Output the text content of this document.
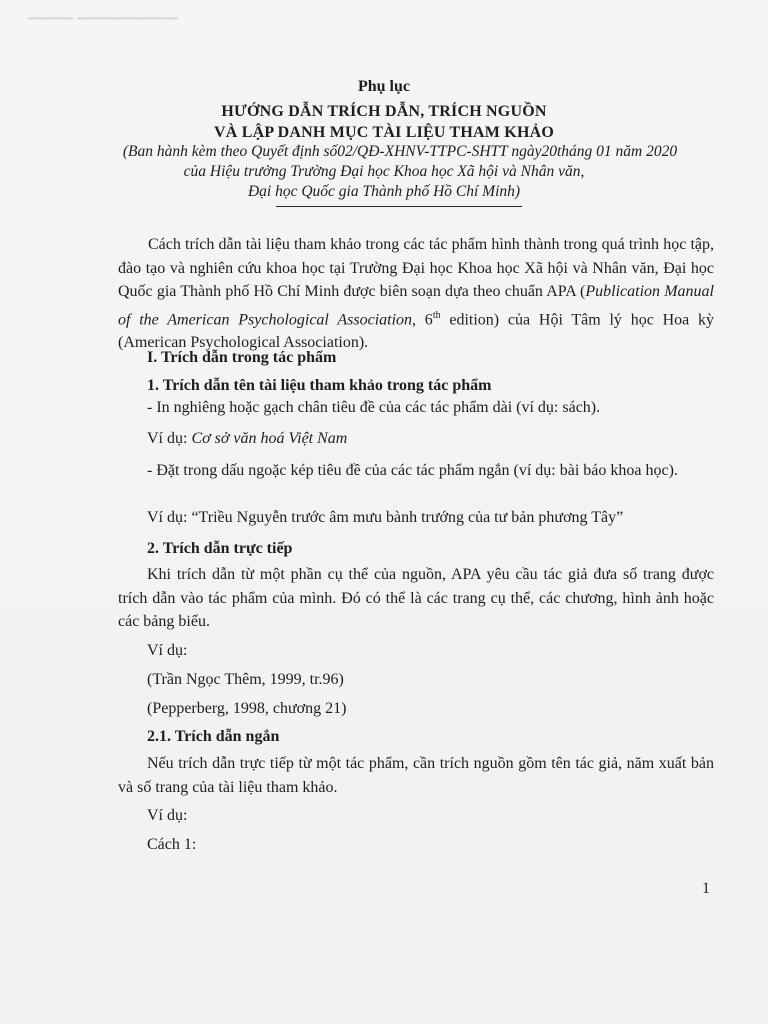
▁▁▁▁ ▁▁▁▁▁▁▁▁▁
Phụ lục
HƯỚNG DẪN TRÍCH DẪN, TRÍCH NGUỒN
VÀ LẬP DANH MỤC TÀI LIỆU THAM KHẢO
(Ban hành kèm theo Quyết định số02/QĐ-XHNV-TTPC-SHTT ngày20tháng 01 năm 2020
của Hiệu trưởng Trường Đại học Khoa học Xã hội và Nhân văn,
Đại học Quốc gia Thành phố Hồ Chí Minh)
Cách trích dẫn tài liệu tham khảo trong các tác phẩm hình thành trong quá trình học tập, đào tạo và nghiên cứu khoa học tại Trường Đại học Khoa học Xã hội và Nhân văn, Đại học Quốc gia Thành phố Hồ Chí Minh được biên soạn dựa theo chuẩn APA (Publication Manual of the American Psychological Association, 6th edition) của Hội Tâm lý học Hoa kỳ (American Psychological Association).
I. Trích dẫn trong tác phẩm
1. Trích dẫn tên tài liệu tham khảo trong tác phẩm
- In nghiêng hoặc gạch chân tiêu đề của các tác phẩm dài (ví dụ: sách).
Ví dụ: Cơ sở văn hoá Việt Nam
- Đặt trong dấu ngoặc kép tiêu đề của các tác phẩm ngắn (ví dụ: bài báo khoa học).
Ví dụ: “Triều Nguyễn trước âm mưu bành trướng của tư bản phương Tây”
2. Trích dẫn trực tiếp
Khi trích dẫn từ một phần cụ thể của nguồn, APA yêu cầu tác giả đưa số trang được trích dẫn vào tác phẩm của mình. Đó có thể là các trang cụ thể, các chương, hình ảnh hoặc các bảng biểu.
Ví dụ:
(Trần Ngọc Thêm, 1999, tr.96)
(Pepperberg, 1998, chương 21)
2.1. Trích dẫn ngắn
Nếu trích dẫn trực tiếp từ một tác phẩm, cần trích nguồn gồm tên tác giả, năm xuất bản và số trang của tài liệu tham khảo.
Ví dụ:
Cách 1:
1
